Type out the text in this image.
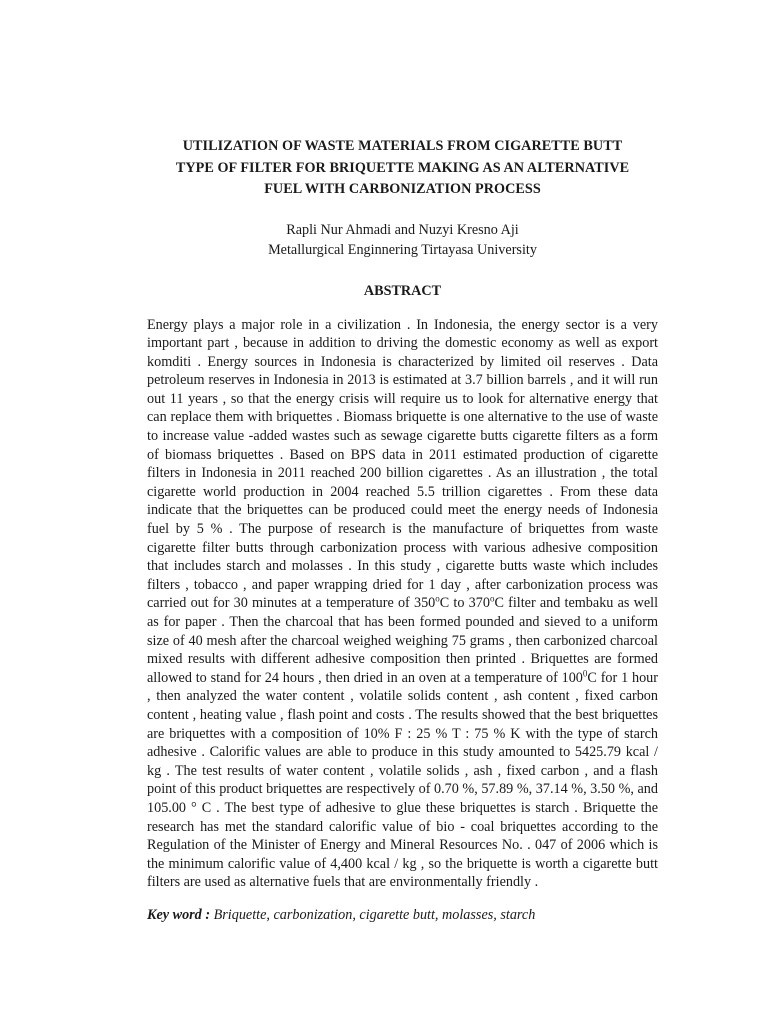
UTILIZATION OF WASTE MATERIALS FROM CIGARETTE BUTT
TYPE OF FILTER FOR BRIQUETTE MAKING AS AN ALTERNATIVE
FUEL WITH CARBONIZATION PROCESS
Rapli Nur Ahmadi and Nuzyi Kresno Aji
Metallurgical Enginnering Tirtayasa University
ABSTRACT

Energy plays a major role in a civilization . In Indonesia, the energy sector is a very important part , because in addition to driving the domestic economy as well as export komditi . Energy sources in Indonesia is characterized by limited oil reserves . Data petroleum reserves in Indonesia in 2013 is estimated at 3.7 billion barrels , and it will run out 11 years , so that the energy crisis will require us to look for alternative energy that can replace them with briquettes . Biomass briquette is one alternative to the use of waste to increase value -added wastes such as sewage cigarette butts cigarette filters as a form of biomass briquettes . Based on BPS data in 2011 estimated production of cigarette filters in Indonesia in 2011 reached 200 billion cigarettes . As an illustration , the total cigarette world production in 2004 reached 5.5 trillion cigarettes . From these data indicate that the briquettes can be produced could meet the energy needs of Indonesia fuel by 5 % . The purpose of research is the manufacture of briquettes from waste cigarette filter butts through carbonization process with various adhesive composition that includes starch and molasses . In this study , cigarette butts waste which includes filters , tobacco , and paper wrapping dried for 1 day , after carbonization process was carried out for 30 minutes at a temperature of 350$^o$C to 370$^o$C filter and tembaku as well as for paper . Then the charcoal that has been formed pounded and sieved to a uniform size of 40 mesh after the charcoal weighed weighing 75 grams , then carbonized charcoal mixed results with different adhesive composition then printed . Briquettes are formed allowed to stand for 24 hours , then dried in an oven at a temperature of $100^0C$ for 1 hour , then analyzed the water content , volatile solids content , ash content , fixed carbon content , heating value , flash point and costs . The results showed that the best briquettes are briquettes with a composition of 10% F : 25 % T : 75 % K with the type of starch adhesive . Calorific values are able to produce in this study amounted to 5425.79 kcal / kg . The test results of water content , volatile solids , ash , fixed carbon , and a flash point of this product briquettes are respectively of 0.70 %, 57.89 %, 37.14 %, 3.50 %, and 105.00 ° C . The best type of adhesive to glue these briquettes is starch . Briquette the research has met the standard calorific value of bio - coal briquettes according to the Regulation of the Minister of Energy and Mineral Resources No. . 047 of 2006 which is the minimum calorific value of 4,400 kcal / kg , so the briquette is worth a cigarette butt filters are used as alternative fuels that are environmentally friendly .

Key word : Briquette, carbonization, cigarette butt, molasses, starch
